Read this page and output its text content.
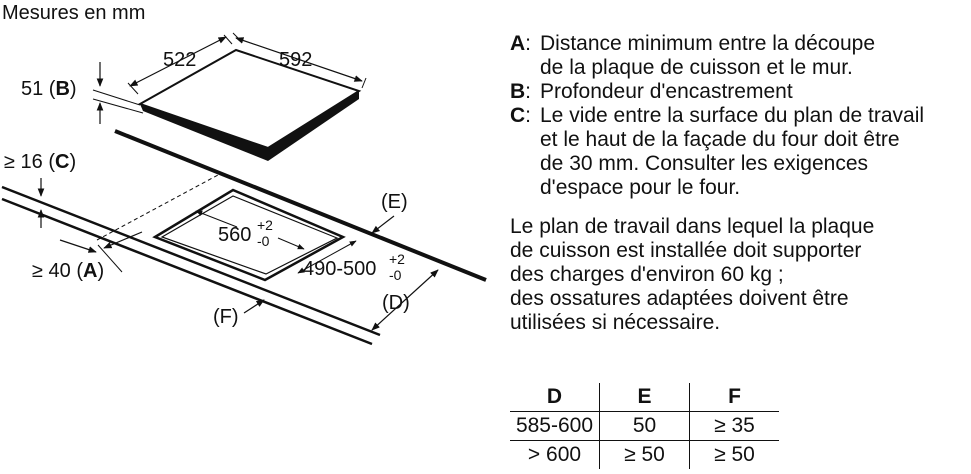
Mesures en mm
522	592
51 (B)
≥ 16 (C)
≥ 40 (A)
560 +2
-0
490-500 +2
-0
(E)
(D)
(F)
A: Distance minimum entre la découpe
de la plaque de cuisson et le mur.
B: Profondeur d'encastrement
C: Le vide entre la surface du plan de travail
et le haut de la façade du four doit être
de 30 mm. Consulter les exigences
d'espace pour le four.
Le plan de travail dans lequel la plaque
de cuisson est installée doit supporter
des charges d'environ 60 kg ;
des ossatures adaptées doivent être
utilisées si nécessaire.
D	E	F
585-600	50	≥ 35
> 600	≥ 50	≥ 50
